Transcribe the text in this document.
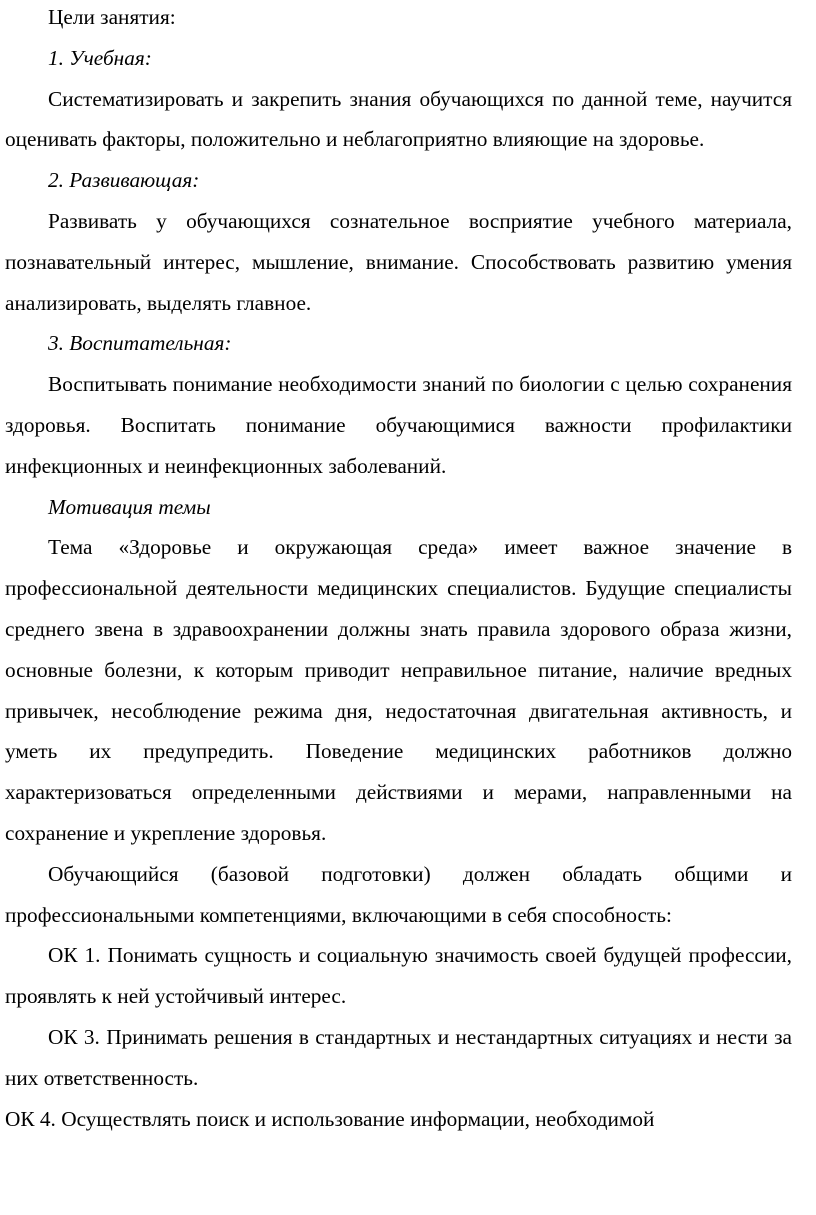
Цели занятия:

1. Учебная:

Систематизировать и закрепить знания обучающихся по данной теме, научится оценивать факторы, положительно и неблагоприятно влияющие на здоровье.

2. Развивающая:

Развивать у обучающихся сознательное восприятие учебного материала, познавательный интерес, мышление, внимание. Способствовать развитию умения анализировать, выделять главное.

3. Воспитательная:

Воспитывать понимание необходимости знаний по биологии с целью сохранения здоровья. Воспитать понимание обучающимися важности профилактики инфекционных и неинфекционных заболеваний.

Мотивация темы

Тема «Здоровье и окружающая среда» имеет важное значение в профессиональной деятельности медицинских специалистов. Будущие специалисты среднего звена в здравоохранении должны знать правила здорового образа жизни, основные болезни, к которым приводит неправильное питание, наличие вредных привычек, несоблюдение режима дня, недостаточная двигательная активность, и уметь их предупредить. Поведение медицинских работников должно характеризоваться определенными действиями и мерами, направленными на сохранение и укрепление здоровья.

Обучающийся (базовой подготовки) должен обладать общими и профессиональными компетенциями, включающими в себя способность:

ОК 1. Понимать сущность и социальную значимость своей будущей профессии, проявлять к ней устойчивый интерес.

ОК 3. Принимать решения в стандартных и нестандартных ситуациях и нести за них ответственность.

ОК 4. Осуществлять поиск и использование информации, необходимой
